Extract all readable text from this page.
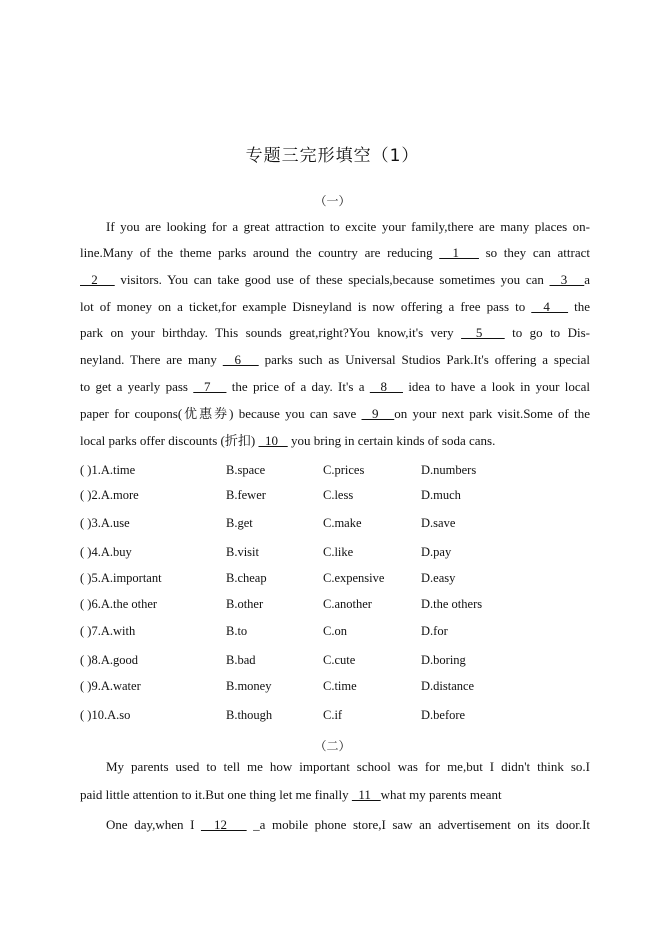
专题三完形填空（1）
（一）
If you are looking for a great attraction to excite your family,there are many places on-
line.Many of the theme parks around the country are reducing   1    so they can attract
2    visitors. You can take good use of these specials,because sometimes you can   3   a
lot of money on a ticket,for example Disneyland is now offering a free pass to   4    the
park on your birthday. This sounds great,right?You know,it's very   5    to go to Dis-
neyland. There are many   6    parks such as Universal Studios Park.It's offering a special
to get a yearly pass   7    the price of a day. It's a   8    idea to have a look in your local
paper for coupons(优惠券) because you can save   9   on your next park visit.Some of the
local parks offer discounts (折扣)   10    you bring in certain kinds of soda cans.
( )1.A.time	B.space	C.prices	D.numbers
( )2.A.more	B.fewer	C.less	D.much
( )3.A.use	B.get	C.make	D.save
( )4.A.buy	B.visit	C.like	D.pay
( )5.A.important	B.cheap	C.expensive	D.easy
( )6.A.the other	B.other	C.another	D.the others
( )7.A.with	B.to	C.on	D.for
( )8.A.good	B.bad	C.cute	D.boring
( )9.A.water	B.money	C.time	D.distance
( )10.A.so	B.though	C.if	D.before
（二）
My parents used to tell me how important school was for me,but I didn't think so.I
paid little attention to it.But one thing let me finally   11   what my parents meant
One day,when I   12    _a mobile phone store,I saw an advertisement on its door.It
